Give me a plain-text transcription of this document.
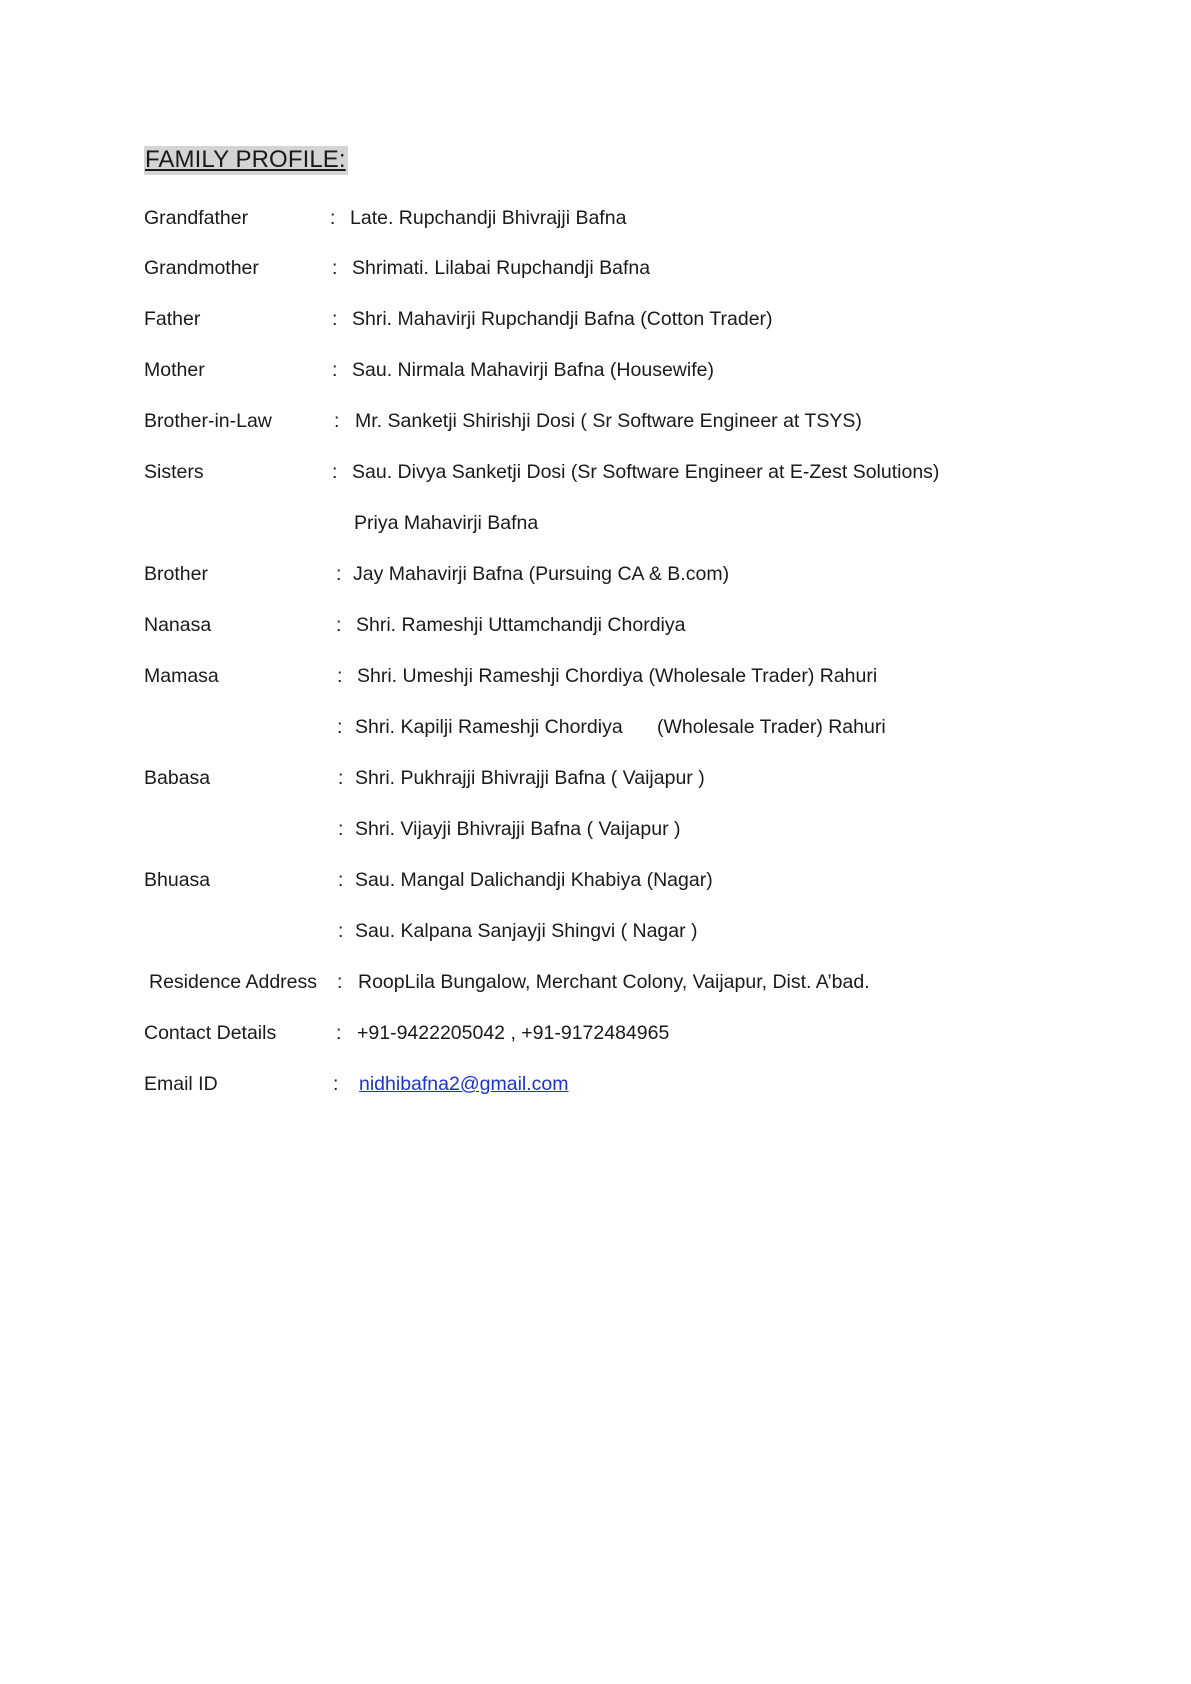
FAMILY PROFILE:
Grandfather	: Late. Rupchandji Bhivrajji Bafna
Grandmother	: Shrimati. Lilabai Rupchandji Bafna
Father	: Shri. Mahavirji Rupchandji Bafna (Cotton Trader)
Mother	: Sau. Nirmala Mahavirji Bafna (Housewife)
Brother-in-Law	: Mr. Sanketji Shirishji Dosi ( Sr Software Engineer at TSYS)
Sisters	: Sau. Divya Sanketji Dosi (Sr Software Engineer at E-Zest Solutions)
Priya Mahavirji Bafna
Brother	: Jay Mahavirji Bafna (Pursuing CA & B.com)
Nanasa	: Shri. Rameshji Uttamchandji Chordiya
Mamasa	: Shri. Umeshji Rameshji Chordiya (Wholesale Trader) Rahuri
: Shri. Kapilji Rameshji Chordiya (Wholesale Trader) Rahuri
Babasa	: Shri. Pukhrajji Bhivrajji Bafna ( Vaijapur )
: Shri. Vijayji Bhivrajji Bafna ( Vaijapur )
Bhuasa	: Sau. Mangal Dalichandji Khabiya (Nagar)
: Sau. Kalpana Sanjayji Shingvi ( Nagar )
Residence Address : RoopLila Bungalow, Merchant Colony, Vaijapur, Dist. A’bad.
Contact Details	: +91-9422205042 , +91-9172484965
Email ID	: nidhibafna2@gmail.com
